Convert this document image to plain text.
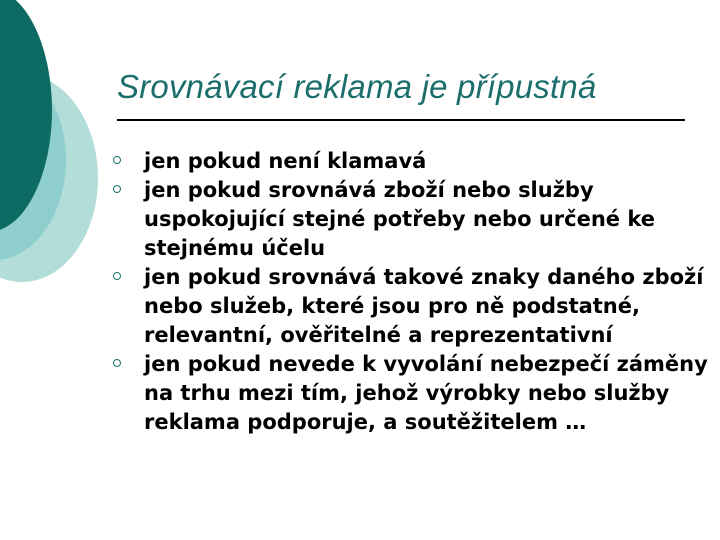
Srovnávací reklama je přípustná
jen pokud není klamavá
jen pokud srovnává zboží nebo služby uspokojující stejné potřeby nebo určené ke stejnému účelu
jen pokud srovnává takové znaky daného zboží nebo služeb, které jsou pro ně podstatné, relevantní, ověřitelné a reprezentativní
jen pokud nevede k vyvolání nebezpečí záměny na trhu mezi tím, jehož výrobky nebo služby reklama podporuje, a soutěžitelem …
